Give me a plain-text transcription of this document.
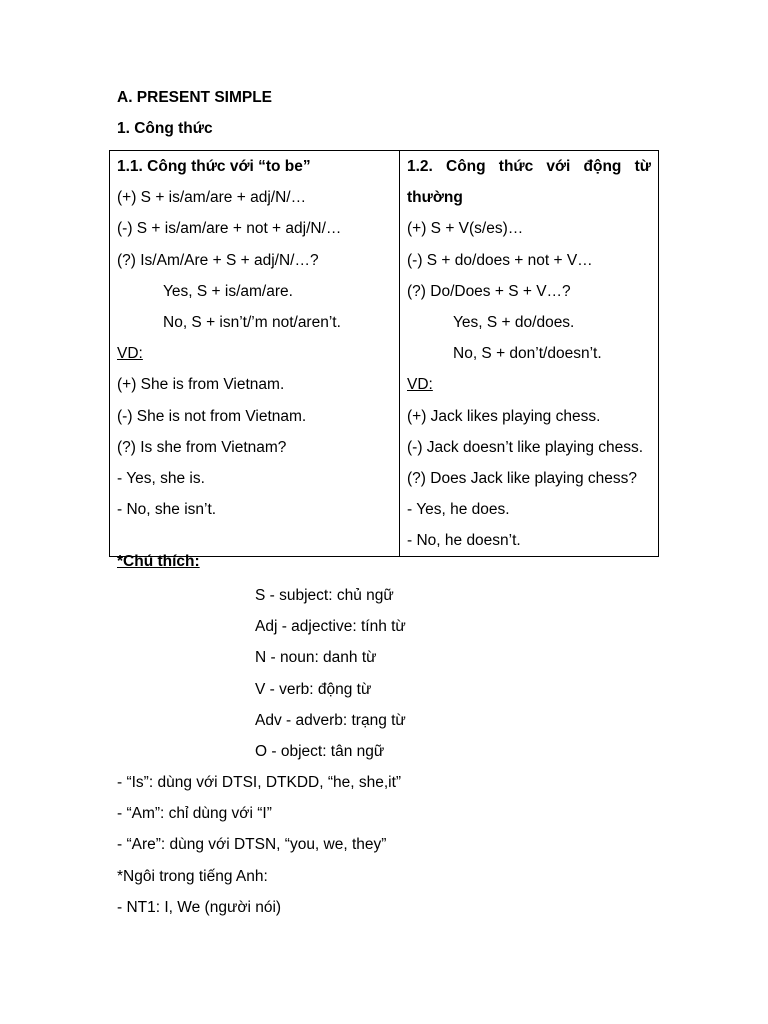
A. PRESENT SIMPLE
1. Công thức
1.1. Công thức với “to be”
(+) S + is/am/are + adj/N/…
(-) S + is/am/are + not + adj/N/…
(?) Is/Am/Are + S + adj/N/…?
Yes, S + is/am/are.
No, S + isn’t/’m not/aren’t.
VD:
(+) She is from Vietnam.
(-) She is not from Vietnam.
(?) Is she from Vietnam?
- Yes, she is.
- No, she isn’t.

1.2. Công thức với động từ
thường
(+) S + V(s/es)…
(-) S + do/does + not + V…
(?) Do/Does + S + V…?
Yes, S + do/does.
No, S + don’t/doesn’t.
VD:
(+) Jack likes playing chess.
(-) Jack doesn’t like playing chess.
(?) Does Jack like playing chess?
- Yes, he does.
- No, he doesn’t.
*Chú thích:
S - subject: chủ ngữ
Adj - adjective: tính từ
N - noun: danh từ
V - verb: động từ
Adv - adverb: trạng từ
O - object: tân ngữ
- “Is”: dùng với DTSI, DTKDD, “he, she,it”
- “Am”: chỉ dùng với “I”
- “Are”: dùng với DTSN, “you, we, they”
*Ngôi trong tiếng Anh:
- NT1: I, We (người nói)
